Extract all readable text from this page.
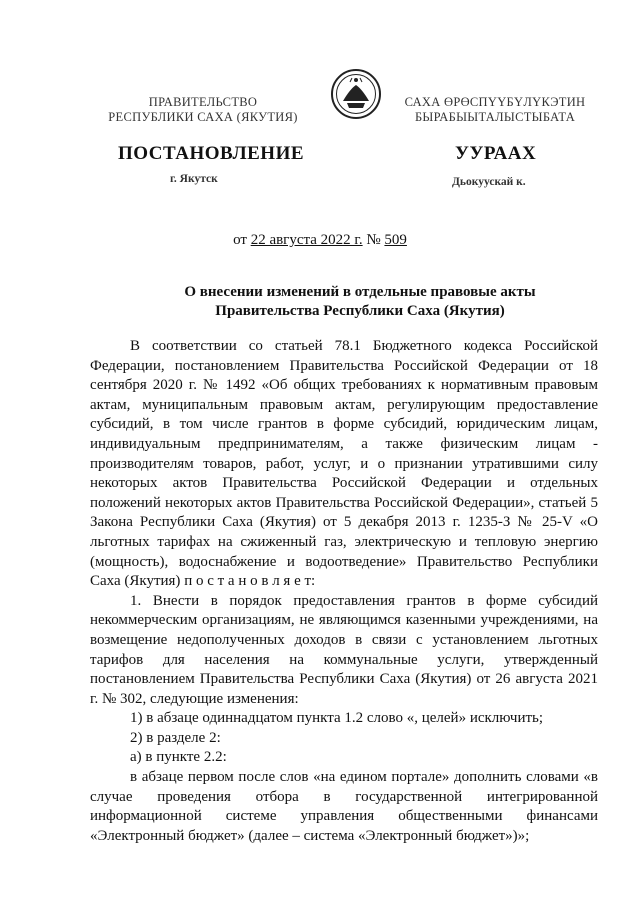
ПРАВИТЕЛЬСТВО
РЕСПУБЛИКИ САХА (ЯКУТИЯ)
САХА ӨРӨСПҮҮБҮЛҮКЭТИН
БЫРАБЫЫТАЛЫСТЫБАТА
ПОСТАНОВЛЕНИЕ	УУРААХ
г. Якутск	Дьокуускай к.
от 22 августа 2022 г. № 509
О внесении изменений в отдельные правовые акты
Правительства Республики Саха (Якутия)

В соответствии со статьей 78.1 Бюджетного кодекса Российской Федерации, постановлением Правительства Российской Федерации от 18 сентября 2020 г. № 1492 «Об общих требованиях к нормативным правовым актам, муниципальным правовым актам, регулирующим предоставление субсидий, в том числе грантов в форме субсидий, юридическим лицам, индивидуальным предпринимателям, а также физическим лицам - производителям товаров, работ, услуг, и о признании утратившими силу некоторых актов Правительства Российской Федерации и отдельных положений некоторых актов Правительства Российской Федерации», статьей 5 Закона Республики Саха (Якутия) от 5 декабря 2013 г. 1235-З № 25-V «О льготных тарифах на сжиженный газ, электрическую и тепловую энергию (мощность), водоснабжение и водоотведение» Правительство Республики Саха (Якутия) п о с т а н о в л я е т:

1. Внести в порядок предоставления грантов в форме субсидий некоммерческим организациям, не являющимся казенными учреждениями, на возмещение недополученных доходов в связи с установлением льготных тарифов для населения на коммунальные услуги, утвержденный постановлением Правительства Республики Саха (Якутия) от 26 августа 2021 г. № 302, следующие изменения:

1) в абзаце одиннадцатом пункта 1.2 слово «, целей» исключить;

2) в разделе 2:

а) в пункте 2.2:

в абзаце первом после слов «на едином портале» дополнить словами «в случае проведения отбора в государственной интегрированной информационной системе управления общественными финансами «Электронный бюджет» (далее – система «Электронный бюджет»)»;
